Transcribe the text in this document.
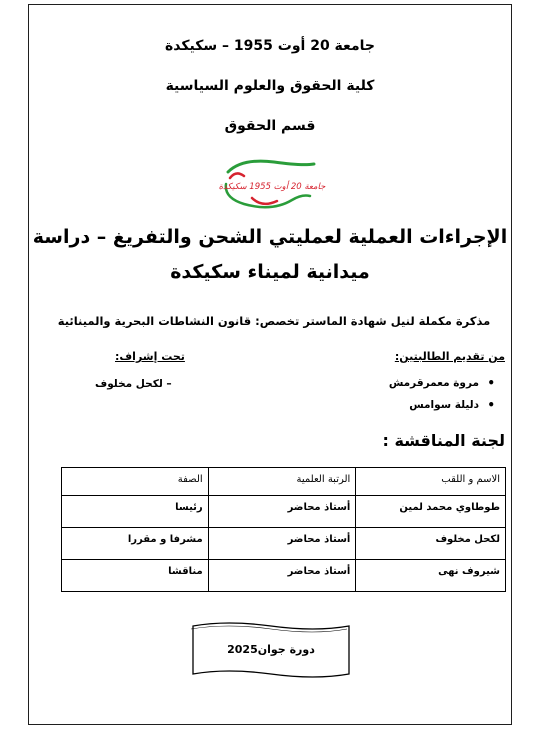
جامعة 20 أوت 1955 – سكيكدة
كلية الحقوق والعلوم السياسية
قسم الحقوق
جامعة 20 أوت 1955 سكيكدة
الإجراءات العملية لعمليتي الشحن والتفريغ – دراسة
ميدانية لميناء سكيكدة
مذكرة مكملة لنيل شهادة الماستر تخصص: قانون النشاطات البحرية والمينائية
من تقديم الطالبتين:
تحت إشراف:
• مروة معمرقرمش
• دليلة سوامس
– لكحل مخلوف
لجنة المناقشة :
الاسم و اللقب	الرتبة العلمية	الصفة
طوطاوي محمد لمين	أستاذ محاضر	رئيسا
لكحل مخلوف	أستاذ محاضر	مشرفا و مقررا
شيروف نهى	أستاذ محاضر	مناقشا
دورة جوان2025
